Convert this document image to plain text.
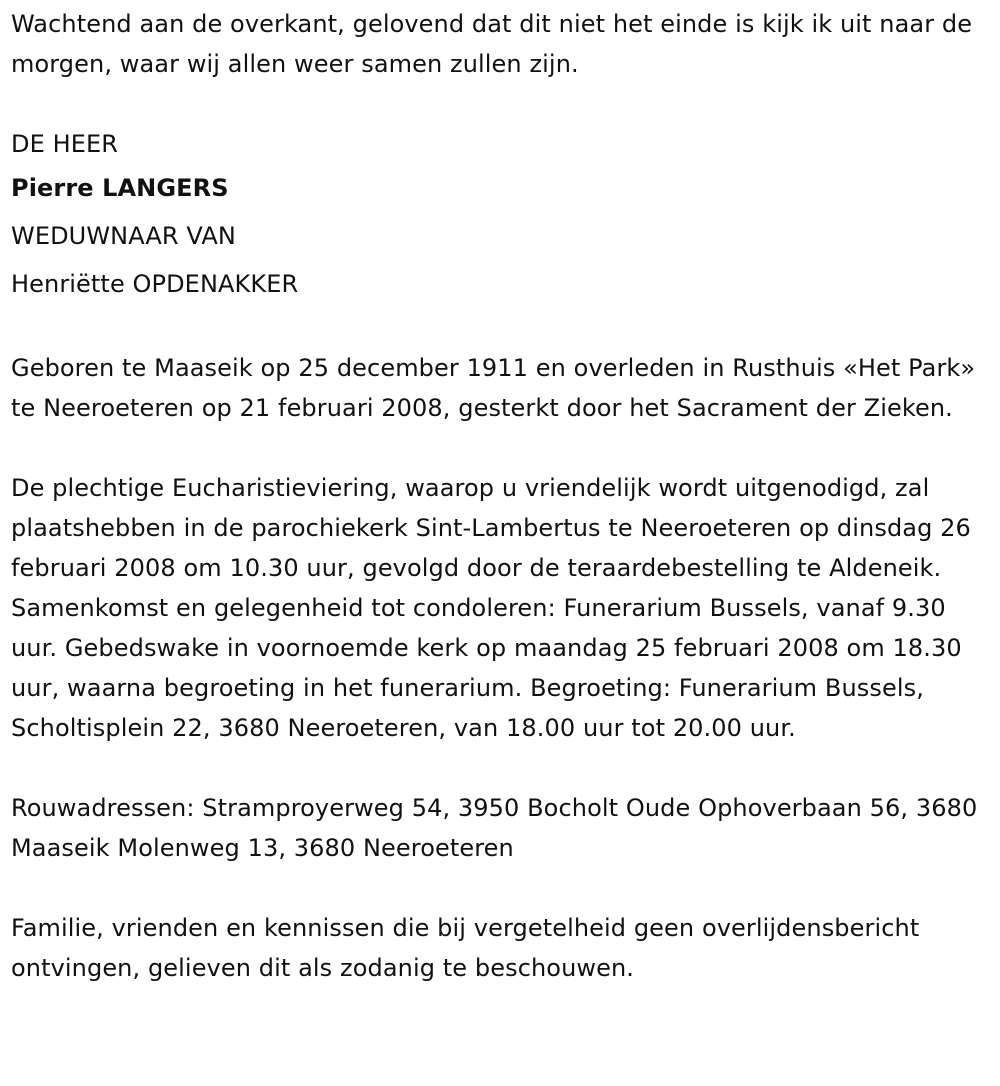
Wachtend aan de overkant, gelovend dat dit niet het einde is kijk ik uit naar de morgen, waar wij allen weer samen zullen zijn.

DE HEER

Pierre LANGERS

WEDUWNAAR VAN

Henriëtte OPDENAKKER

Geboren te Maaseik op 25 december 1911 en overleden in Rusthuis «Het Park» te Neeroeteren op 21 februari 2008, gesterkt door het Sacrament der Zieken.

De plechtige Eucharistieviering, waarop u vriendelijk wordt uitgenodigd, zal plaatshebben in de parochiekerk Sint-Lambertus te Neeroeteren op dinsdag 26 februari 2008 om 10.30 uur, gevolgd door de teraardebestelling te Aldeneik. Samenkomst en gelegenheid tot condoleren: Funerarium Bussels, vanaf 9.30 uur. Gebedswake in voornoemde kerk op maandag 25 februari 2008 om 18.30 uur, waarna begroeting in het funerarium. Begroeting: Funerarium Bussels, Scholtisplein 22, 3680 Neeroeteren, van 18.00 uur tot 20.00 uur.

Rouwadressen: Stramproyerweg 54, 3950 Bocholt Oude Ophoverbaan 56, 3680 Maaseik Molenweg 13, 3680 Neeroeteren

Familie, vrienden en kennissen die bij vergetelheid geen overlijdensbericht ontvingen, gelieven dit als zodanig te beschouwen.
